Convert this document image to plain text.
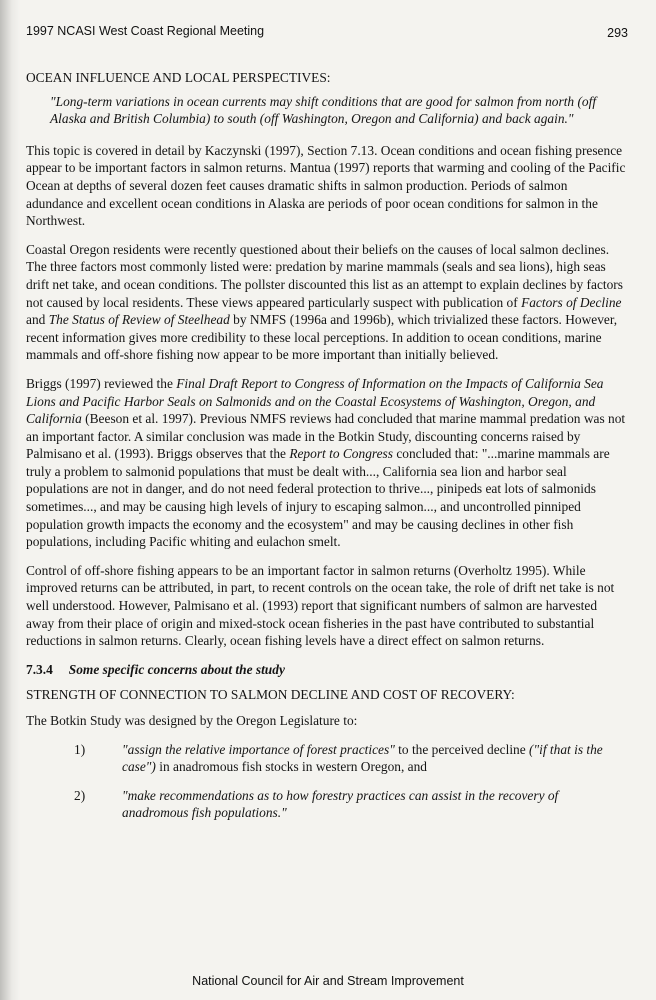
1997 NCASI West Coast Regional Meeting	293
OCEAN INFLUENCE AND LOCAL PERSPECTIVES:
"Long-term variations in ocean currents may shift conditions that are good for salmon from north (off Alaska and British Columbia) to south (off Washington, Oregon and California) and back again."

This topic is covered in detail by Kaczynski (1997), Section 7.13. Ocean conditions and ocean fishing presence appear to be important factors in salmon returns. Mantua (1997) reports that warming and cooling of the Pacific Ocean at depths of several dozen feet causes dramatic shifts in salmon production. Periods of salmon adundance and excellent ocean conditions in Alaska are periods of poor ocean conditions for salmon in the Northwest.

Coastal Oregon residents were recently questioned about their beliefs on the causes of local salmon declines. The three factors most commonly listed were: predation by marine mammals (seals and sea lions), high seas drift net take, and ocean conditions. The pollster discounted this list as an attempt to explain declines by factors not caused by local residents. These views appeared particularly suspect with publication of Factors of Decline and The Status of Review of Steelhead by NMFS (1996a and 1996b), which trivialized these factors. However, recent information gives more credibility to these local perceptions. In addition to ocean conditions, marine mammals and off-shore fishing now appear to be more important than initially believed.

Briggs (1997) reviewed the Final Draft Report to Congress of Information on the Impacts of California Sea Lions and Pacific Harbor Seals on Salmonids and on the Coastal Ecosystems of Washington, Oregon, and California (Beeson et al. 1997). Previous NMFS reviews had concluded that marine mammal predation was not an important factor. A similar conclusion was made in the Botkin Study, discounting concerns raised by Palmisano et al. (1993). Briggs observes that the Report to Congress concluded that: "...marine mammals are truly a problem to salmonid populations that must be dealt with..., California sea lion and harbor seal populations are not in danger, and do not need federal protection to thrive..., pinipeds eat lots of salmonids sometimes..., and may be causing high levels of injury to escaping salmon..., and uncontrolled pinniped population growth impacts the economy and the ecosystem" and may be causing declines in other fish populations, including Pacific whiting and eulachon smelt.

Control of off-shore fishing appears to be an important factor in salmon returns (Overholtz 1995). While improved returns can be attributed, in part, to recent controls on the ocean take, the role of drift net take is not well understood. However, Palmisano et al. (1993) report that significant numbers of salmon are harvested away from their place of origin and mixed-stock ocean fisheries in the past have contributed to substantial reductions in salmon returns. Clearly, ocean fishing levels have a direct effect on salmon returns.

7.3.4 Some specific concerns about the study
STRENGTH OF CONNECTION TO SALMON DECLINE AND COST OF RECOVERY:

The Botkin Study was designed by the Oregon Legislature to:

1)	"assign the relative importance of forest practices" to the perceived decline ("if that is the case") in anadromous fish stocks in western Oregon, and
2)	"make recommendations as to how forestry practices can assist in the recovery of anadromous fish populations."
National Council for Air and Stream Improvement
